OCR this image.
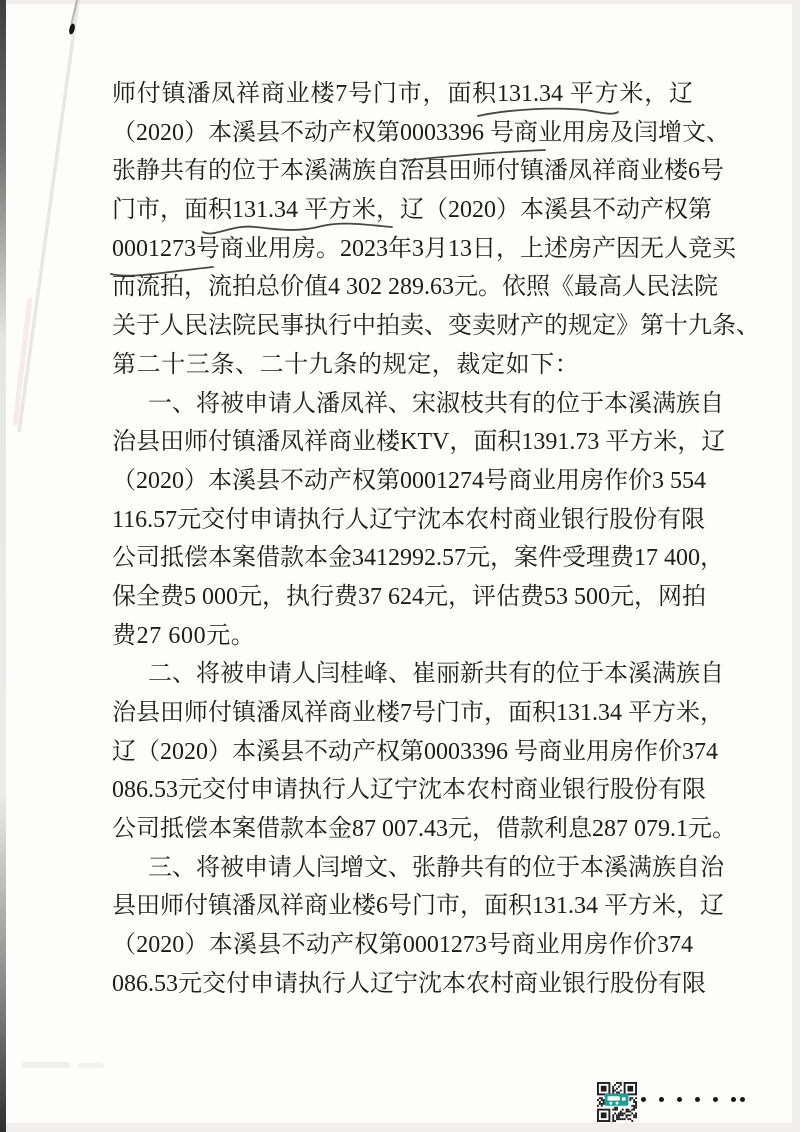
师付镇潘凤祥商业楼7号门市，面积131.34 平方米，辽
（2020）本溪县不动产权第0003396 号商业用房及闫增文、
张静共有的位于本溪满族自治县田师付镇潘凤祥商业楼6号
门市，面积131.34 平方米，辽（2020）本溪县不动产权第
0001273号商业用房。2023年3月13日，上述房产因无人竞买
而流拍，流拍总价值4 302 289.63元。依照《最高人民法院
关于人民法院民事执行中拍卖、变卖财产的规定》第十九条、
第二十三条、二十九条的规定，裁定如下：
一、将被申请人潘凤祥、宋淑枝共有的位于本溪满族自
治县田师付镇潘凤祥商业楼KTV，面积1391.73 平方米，辽
（2020）本溪县不动产权第0001274号商业用房作价3 554
116.57元交付申请执行人辽宁沈本农村商业银行股份有限
公司抵偿本案借款本金3412992.57元，案件受理费17 400，
保全费5 000元，执行费37 624元，评估费53 500元，网拍
费27 600元。
二、将被申请人闫桂峰、崔丽新共有的位于本溪满族自
治县田师付镇潘凤祥商业楼7号门市，面积131.34 平方米，
辽（2020）本溪县不动产权第0003396 号商业用房作价374
086.53元交付申请执行人辽宁沈本农村商业银行股份有限
公司抵偿本案借款本金87 007.43元，借款利息287 079.1元。
三、将被申请人闫增文、张静共有的位于本溪满族自治
县田师付镇潘凤祥商业楼6号门市，面积131.34 平方米，辽
（2020）本溪县不动产权第0001273号商业用房作价374
086.53元交付申请执行人辽宁沈本农村商业银行股份有限
